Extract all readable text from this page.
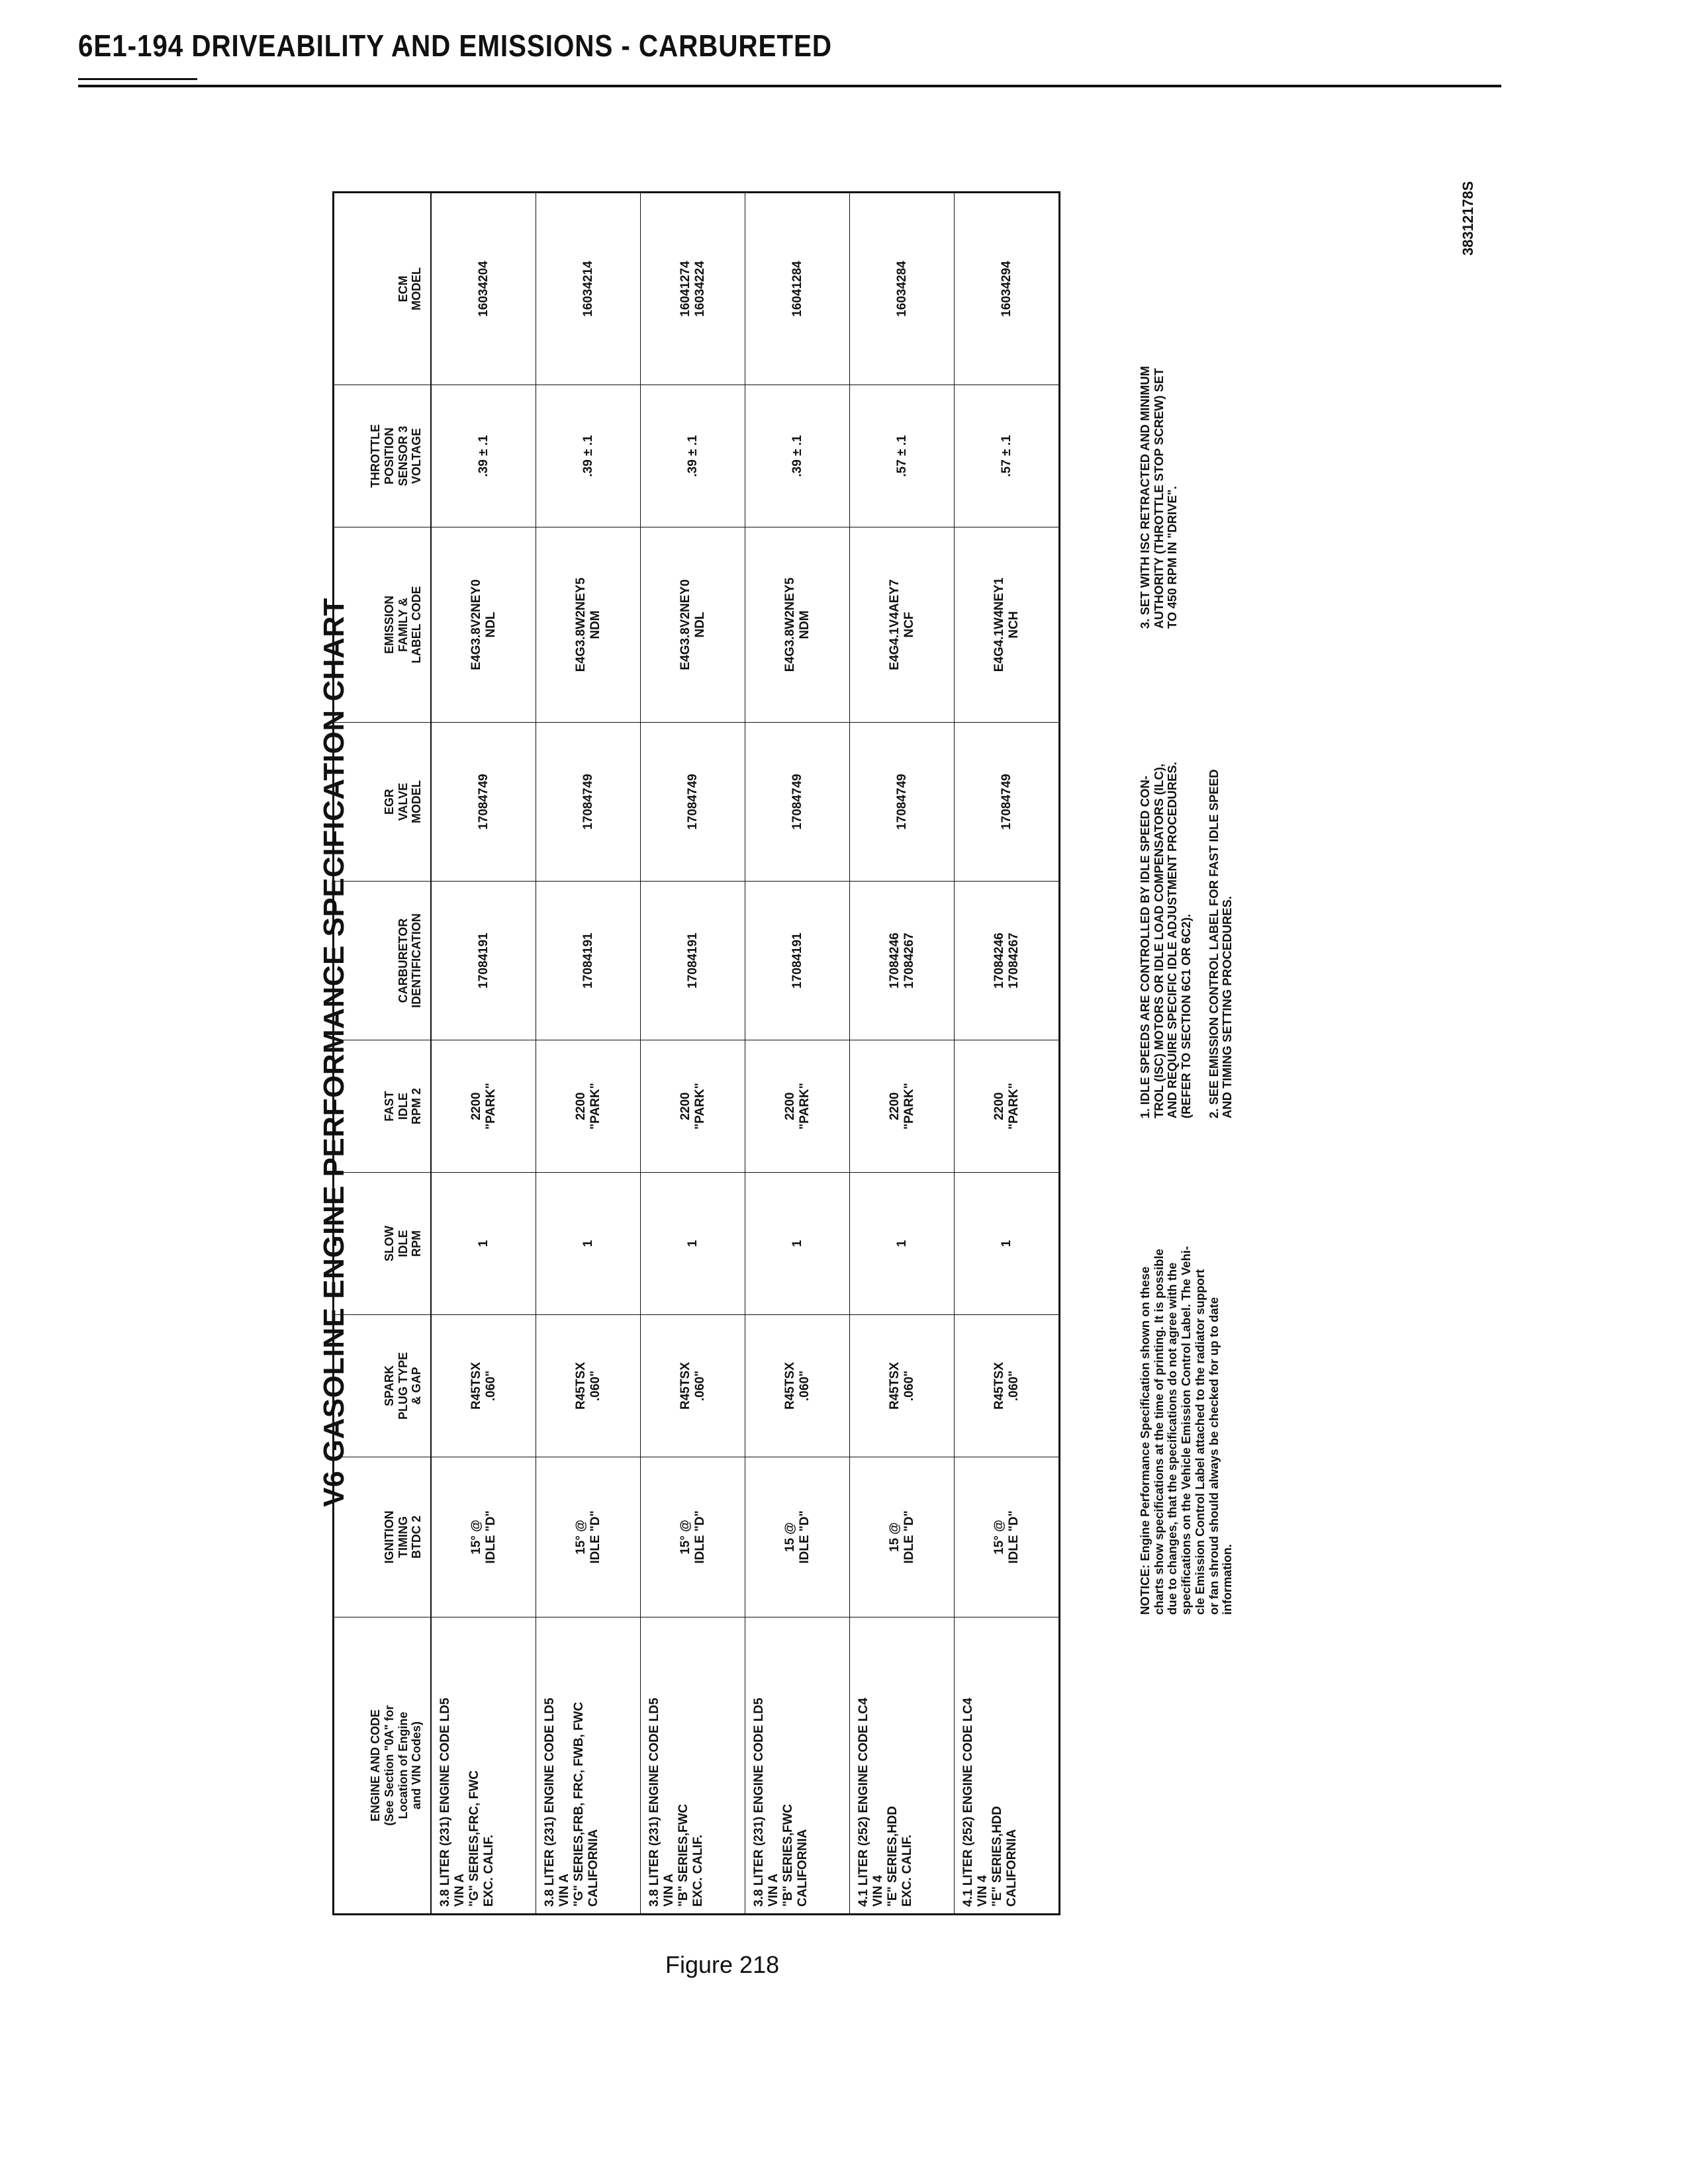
6E1-194 DRIVEABILITY AND EMISSIONS - CARBURETED
38312178S
V6 GASOLINE ENGINE PERFORMANCE SPECIFICATION CHART
ENGINE AND CODE
(See Section "0A" for
Location of Engine
and VIN Codes)
IGNITION
TIMING
BTDC 2
SPARK
PLUG TYPE
& GAP
SLOW
IDLE
RPM
FAST
IDLE
RPM 2
CARBURETOR
IDENTIFICATION
EGR
VALVE
MODEL
EMISSION
FAMILY &
LABEL CODE
THROTTLE
POSITION
SENSOR 3
VOLTAGE
ECM
MODEL
3.8 LITER (231) ENGINE CODE LD5
VIN A
"G" SERIES,FRC, FWC
EXC. CALIF.
15° @
IDLE "D"
R45TSX
.060"
1
2200
"PARK"
17084191
17084749
E4G3.8V2NEY0
NDL
.39 ± .1
16034204
3.8 LITER (231) ENGINE CODE LD5
VIN A
"G" SERIES,FRB, FRC, FWB, FWC
CALIFORNIA
15° @
IDLE "D"
R45TSX
.060"
1
2200
"PARK"
17084191
17084749
E4G3.8W2NEY5
NDM
.39 ± .1
16034214
3.8 LITER (231) ENGINE CODE LD5
VIN A
"B" SERIES,FWC
EXC. CALIF.
15° @
IDLE "D"
R45TSX
.060"
1
2200
"PARK"
17084191
17084749
E4G3.8V2NEY0
NDL
.39 ± .1
16041274
16034224
3.8 LITER (231) ENGINE CODE LD5
VIN A
"B" SERIES,FWC
CALIFORNIA
15 @
IDLE "D"
R45TSX
.060"
1
2200
"PARK"
17084191
17084749
E4G3.8W2NEY5
NDM
.39 ± .1
16041284
4.1 LITER (252) ENGINE CODE LC4
VIN 4
"E" SERIES,HDD
EXC. CALIF.
15 @
IDLE "D"
R45TSX
.060"
1
2200
"PARK"
17084246
17084267
17084749
E4G4.1V4AEY7
NCF
.57 ± .1
16034284
4.1 LITER (252) ENGINE CODE LC4
VIN 4
"E" SERIES,HDD
CALIFORNIA
15° @
IDLE "D"
R45TSX
.060"
1
2200
"PARK"
17084246
17084267
17084749
E4G4.1W4NEY1
NCH
.57 ± .1
16034294
NOTICE: Engine Performance Specification shown on these
charts show specifications at the time of printing. It is possible
due to changes, that the specifications do not agree with the
specifications on the Vehicle Emission Control Label. The Vehi-
cle Emission Control Label attached to the radiator support
or fan shroud should always be checked for up to date
information.
1. IDLE SPEEDS ARE CONTROLLED BY IDLE SPEED CON-
TROL (ISC) MOTORS OR IDLE LOAD COMPENSATORS (ILC),
AND REQUIRE SPECIFIC IDLE ADJUSTMENT PROCEDURES.
(REFER TO SECTION 6C1 OR 6C2).

2. SEE EMISSION CONTROL LABEL FOR FAST IDLE SPEED
AND TIMING SETTING PROCEDURES.
3. SET WITH ISC RETRACTED AND MINIMUM
AUTHORITY (THROTTLE STOP SCREW) SET
TO 450 RPM IN "DRIVE".
Figure 218
